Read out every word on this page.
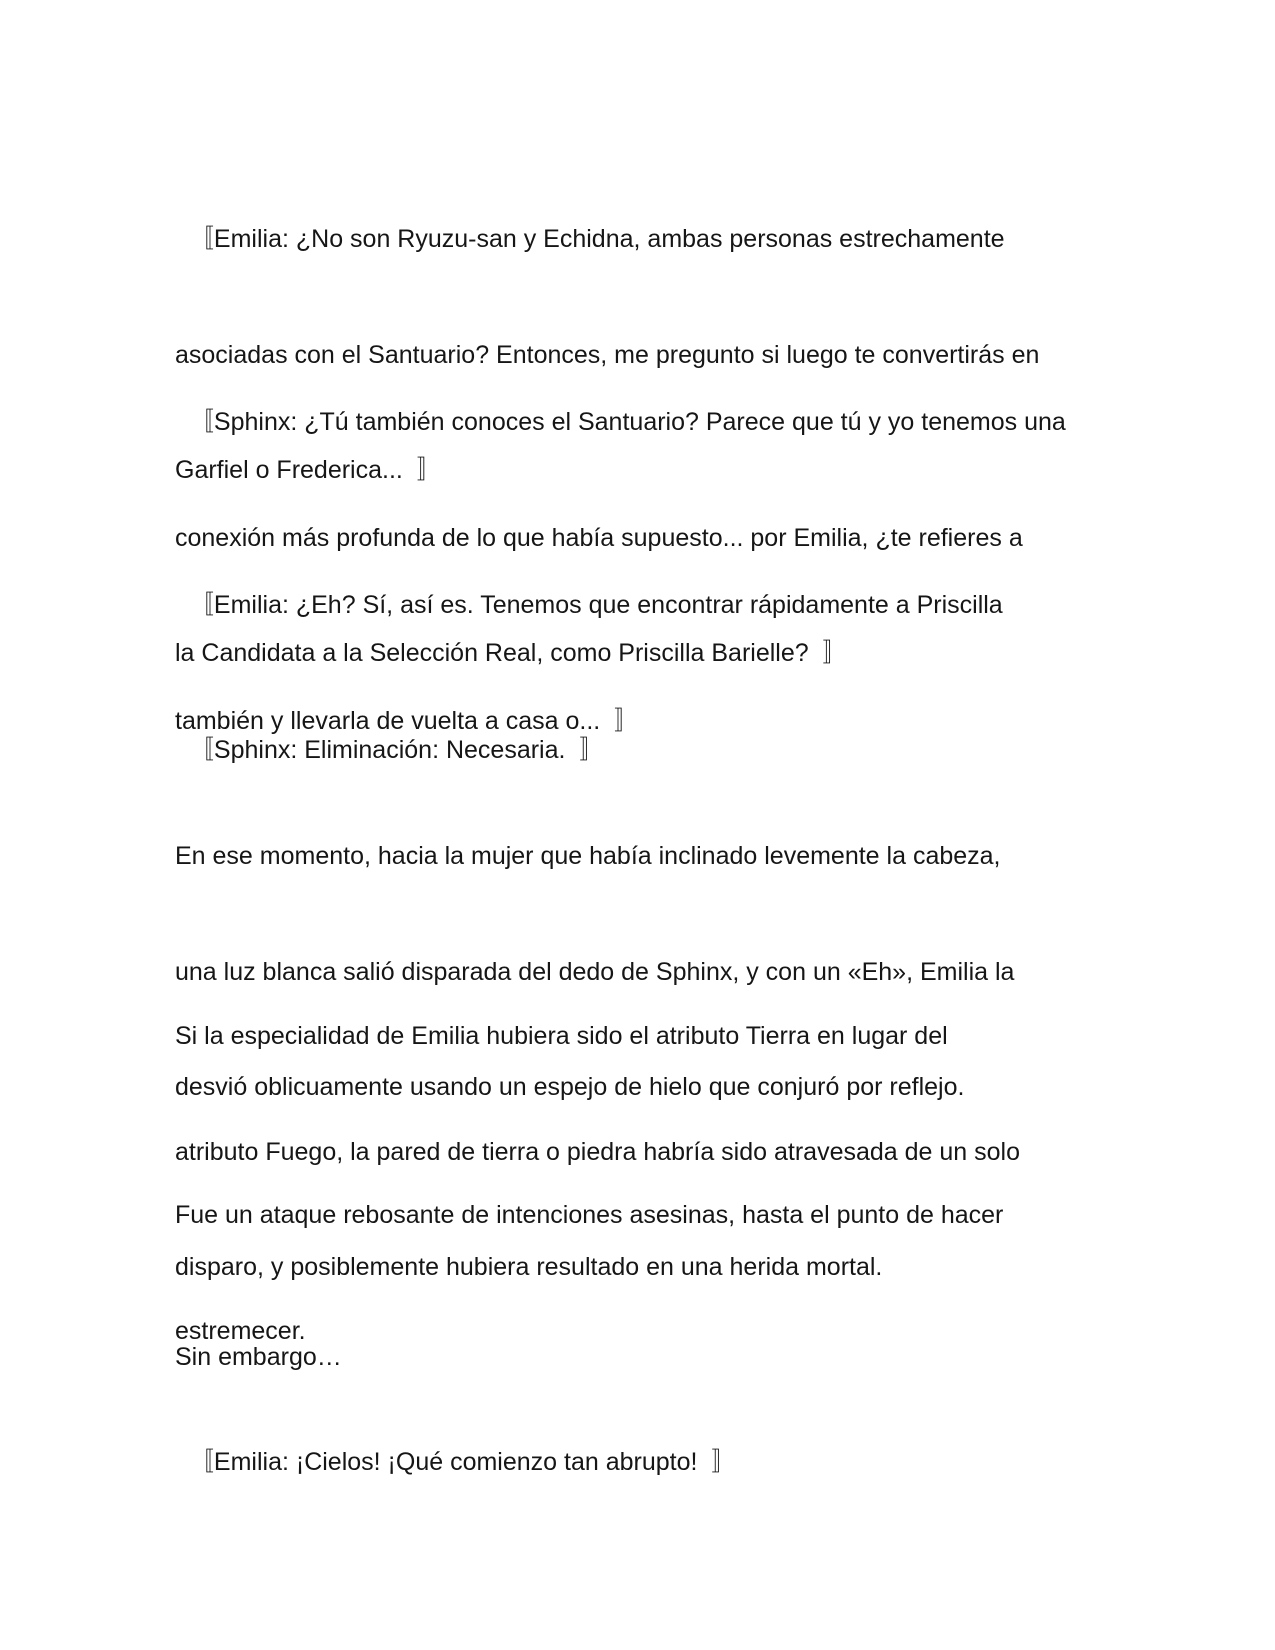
〚Emilia: ¿No son Ryuzu-san y Echidna, ambas personas estrechamente

asociadas con el Santuario? Entonces, me pregunto si luego te convertirás en

Garfiel o Frederica...  〛

〚Sphinx: ¿Tú también conoces el Santuario? Parece que tú y yo tenemos una

conexión más profunda de lo que había supuesto... por Emilia, ¿te refieres a

la Candidata a la Selección Real, como Priscilla Barielle?  〛

〚Emilia: ¿Eh? Sí, así es. Tenemos que encontrar rápidamente a Priscilla

también y llevarla de vuelta a casa o...  〛

〚Sphinx: Eliminación: Necesaria.  〛

En ese momento, hacia la mujer que había inclinado levemente la cabeza,

una luz blanca salió disparada del dedo de Sphinx, y con un «Eh», Emilia la

desvió oblicuamente usando un espejo de hielo que conjuró por reflejo.

Si la especialidad de Emilia hubiera sido el atributo Tierra en lugar del

atributo Fuego, la pared de tierra o piedra habría sido atravesada de un solo

disparo, y posiblemente hubiera resultado en una herida mortal.

Fue un ataque rebosante de intenciones asesinas, hasta el punto de hacer

estremecer.

Sin embargo…

〚Emilia: ¡Cielos! ¡Qué comienzo tan abrupto!  〛
